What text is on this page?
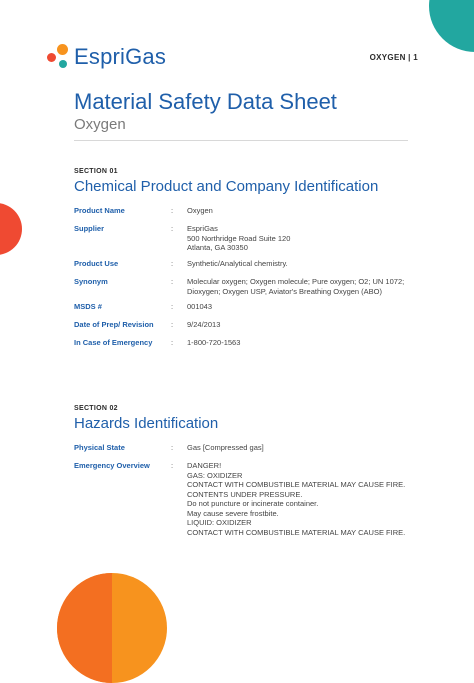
EspriGas	OXYGEN | 1
Material Safety Data Sheet
Oxygen
SECTION 01
Chemical Product and Company Identification
Product Name	:	Oxygen
Supplier	:	EspriGas
500 Northridge Road Suite 120
Atlanta, GA 30350
Product Use	:	Synthetic/Analytical chemistry.
Synonym	:	Molecular oxygen; Oxygen molecule; Pure oxygen; O2; UN 1072;
Dioxygen; Oxygen USP, Aviator's Breathing Oxygen (ABO)
MSDS #	:	001043
Date of Prep/ Revision	:	9/24/2013
In Case of Emergency	:	1-800-720-1563
SECTION 02
Hazards Identification
Physical State	:	Gas [Compressed gas]
Emergency Overview	:	DANGER!
GAS: OXIDIZER
CONTACT WITH COMBUSTIBLE MATERIAL MAY CAUSE FIRE.
CONTENTS UNDER PRESSURE.
Do not puncture or incinerate container.
May cause severe frostbite.
LIQUID: OXIDIZER
CONTACT WITH COMBUSTIBLE MATERIAL MAY CAUSE FIRE.
